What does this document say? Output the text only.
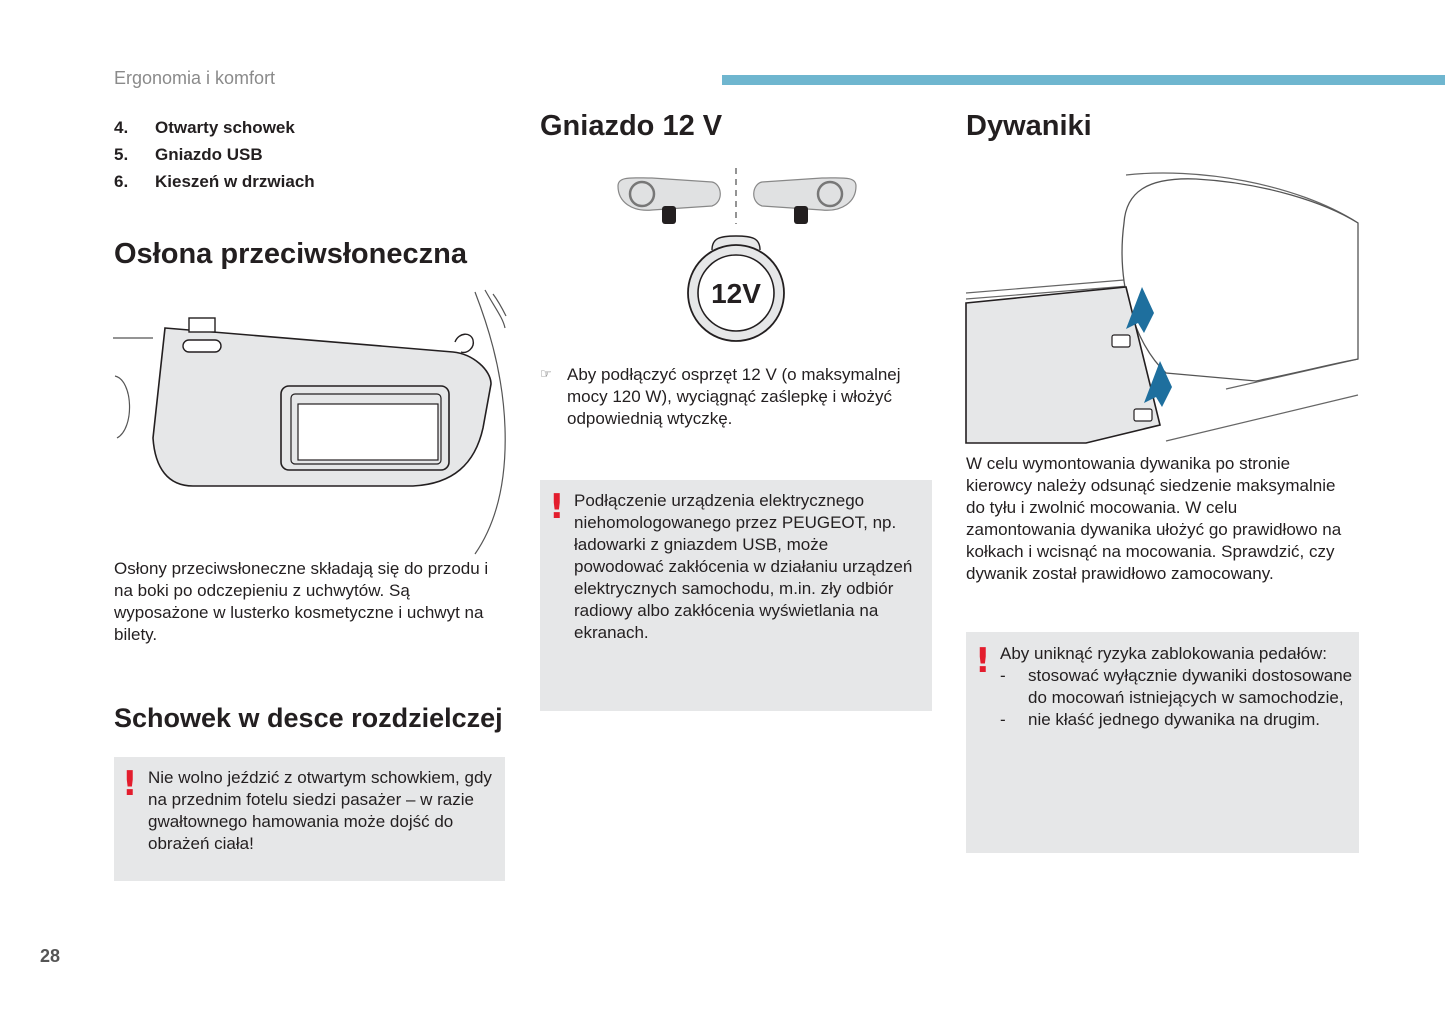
Ergonomia i komfort
4.	Otwarty schowek
5.	Gniazdo USB
6.	Kieszeń w drzwiach
Osłona przeciwsłoneczna
Osłony przeciwsłoneczne składają się do przodu i na boki po odczepieniu z uchwytów. Są wyposażone w lusterko kosmetyczne i uchwyt na bilety.
Schowek w desce rozdzielczej
! Nie wolno jeździć z otwartym schowkiem, gdy na przednim fotelu siedzi pasażer – w razie gwałtownego hamowania może dojść do obrażeń ciała!
Gniazdo 12 V
12V
☞ Aby podłączyć osprzęt 12 V (o maksymalnej mocy 120 W), wyciągnąć zaślepkę i włożyć odpowiednią wtyczkę.
! Podłączenie urządzenia elektrycznego niehomologowanego przez PEUGEOT, np. ładowarki z gniazdem USB, może powodować zakłócenia w działaniu urządzeń elektrycznych samochodu, m.in. zły odbiór radiowy albo zakłócenia wyświetlania na ekranach.
Dywaniki
W celu wymontowania dywanika po stronie kierowcy należy odsunąć siedzenie maksymalnie do tyłu i zwolnić mocowania. W celu zamontowania dywanika ułożyć go prawidłowo na kołkach i wcisnąć na mocowania. Sprawdzić, czy dywanik został prawidłowo zamocowany.
! Aby uniknąć ryzyka zablokowania pedałów:

-	stosować wyłącznie dywaniki dostosowane do mocowań istniejących w samochodzie,
-	nie kłaść jednego dywanika na drugim.
28
